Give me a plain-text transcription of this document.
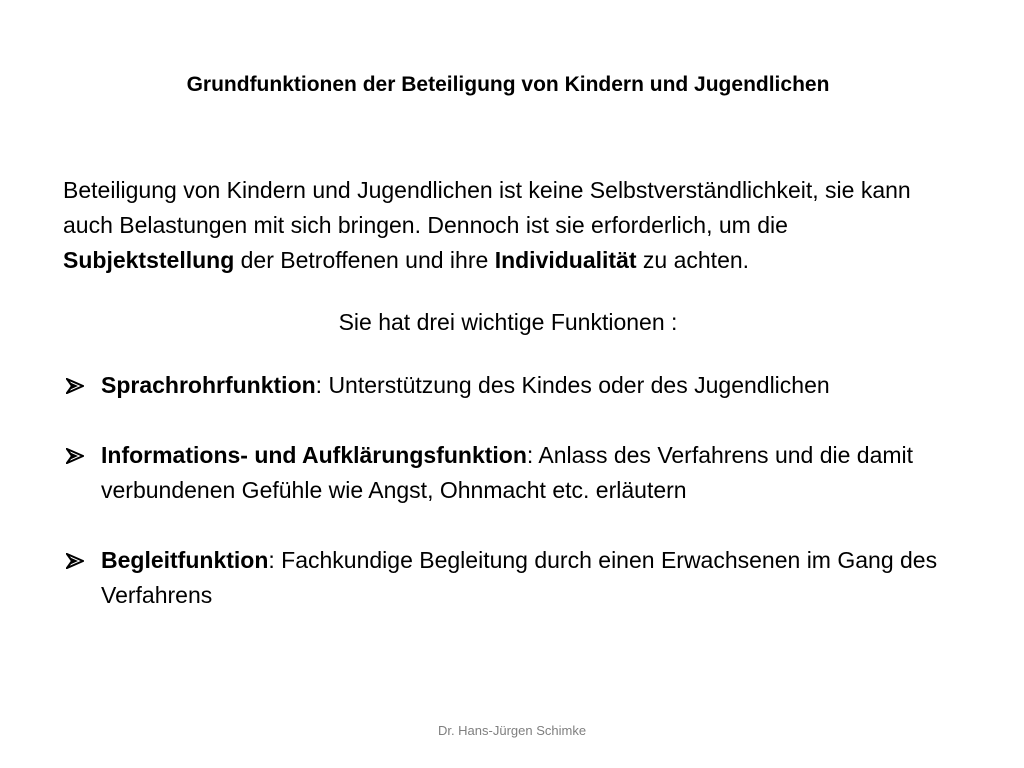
Grundfunktionen der Beteiligung von Kindern und Jugendlichen

Beteiligung von Kindern und Jugendlichen ist keine Selbstverständlichkeit, sie kann auch Belastungen mit sich bringen. Dennoch ist sie erforderlich, um die Subjektstellung der Betroffenen und ihre Individualität zu achten.

Sie hat drei wichtige Funktionen :

Sprachrohrfunktion: Unterstützung des Kindes oder des Jugendlichen
Informations- und Aufklärungsfunktion: Anlass des Verfahrens und die damit verbundenen Gefühle wie Angst, Ohnmacht etc. erläutern
Begleitfunktion: Fachkundige Begleitung durch einen Erwachsenen im Gang des Verfahrens
Dr. Hans-Jürgen Schimke
